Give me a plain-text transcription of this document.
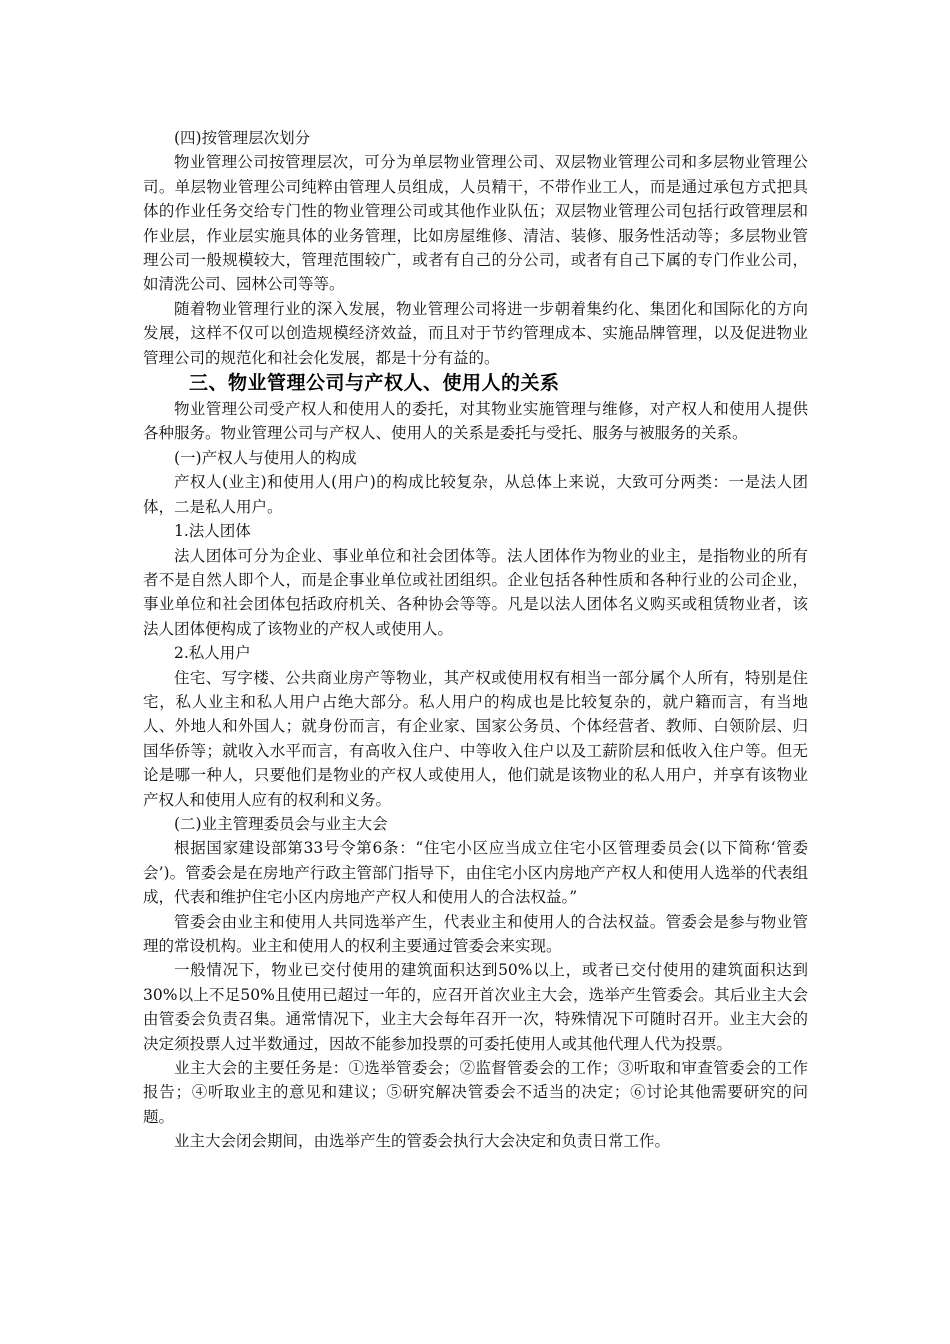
(四)按管理层次划分

物业管理公司按管理层次，可分为单层物业管理公司、双层物业管理公司和多层物业管理公司。单层物业管理公司纯粹由管理人员组成，人员精干，不带作业工人，而是通过承包方式把具体的作业任务交给专门性的物业管理公司或其他作业队伍；双层物业管理公司包括行政管理层和作业层，作业层实施具体的业务管理，比如房屋维修、清洁、装修、服务性活动等；多层物业管理公司一般规模较大，管理范围较广，或者有自己的分公司，或者有自己下属的专门作业公司，如清洗公司、园林公司等等。

随着物业管理行业的深入发展，物业管理公司将进一步朝着集约化、集团化和国际化的方向发展，这样不仅可以创造规模经济效益，而且对于节约管理成本、实施品牌管理，以及促进物业管理公司的规范化和社会化发展，都是十分有益的。

三、物业管理公司与产权人、使用人的关系

物业管理公司受产权人和使用人的委托，对其物业实施管理与维修，对产权人和使用人提供各种服务。物业管理公司与产权人、使用人的关系是委托与受托、服务与被服务的关系。

(一)产权人与使用人的构成

产权人(业主)和使用人(用户)的构成比较复杂，从总体上来说，大致可分两类：一是法人团体，二是私人用户。

1.法人团体

法人团体可分为企业、事业单位和社会团体等。法人团体作为物业的业主，是指物业的所有者不是自然人即个人，而是企事业单位或社团组织。企业包括各种性质和各种行业的公司企业，事业单位和社会团体包括政府机关、各种协会等等。凡是以法人团体名义购买或租赁物业者，该法人团体便构成了该物业的产权人或使用人。

2.私人用户

住宅、写字楼、公共商业房产等物业，其产权或使用权有相当一部分属个人所有，特别是住宅，私人业主和私人用户占绝大部分。私人用户的构成也是比较复杂的，就户籍而言，有当地人、外地人和外国人；就身份而言，有企业家、国家公务员、个体经营者、教师、白领阶层、归国华侨等；就收入水平而言，有高收入住户、中等收入住户以及工薪阶层和低收入住户等。但无论是哪一种人，只要他们是物业的产权人或使用人，他们就是该物业的私人用户，并享有该物业产权人和使用人应有的权利和义务。

(二)业主管理委员会与业主大会

根据国家建设部第33号令第6条：“住宅小区应当成立住宅小区管理委员会(以下简称‘管委会’)。管委会是在房地产行政主管部门指导下，由住宅小区内房地产产权人和使用人选举的代表组成，代表和维护住宅小区内房地产产权人和使用人的合法权益。”

管委会由业主和使用人共同选举产生，代表业主和使用人的合法权益。管委会是参与物业管理的常设机构。业主和使用人的权利主要通过管委会来实现。

一般情况下，物业已交付使用的建筑面积达到50%以上，或者已交付使用的建筑面积达到30%以上不足50%且使用已超过一年的，应召开首次业主大会，选举产生管委会。其后业主大会由管委会负责召集。通常情况下，业主大会每年召开一次，特殊情况下可随时召开。业主大会的决定须投票人过半数通过，因故不能参加投票的可委托使用人或其他代理人代为投票。

业主大会的主要任务是：①选举管委会；②监督管委会的工作；③听取和审查管委会的工作报告；④听取业主的意见和建议；⑤研究解决管委会不适当的决定；⑥讨论其他需要研究的问题。

业主大会闭会期间，由选举产生的管委会执行大会决定和负责日常工作。
